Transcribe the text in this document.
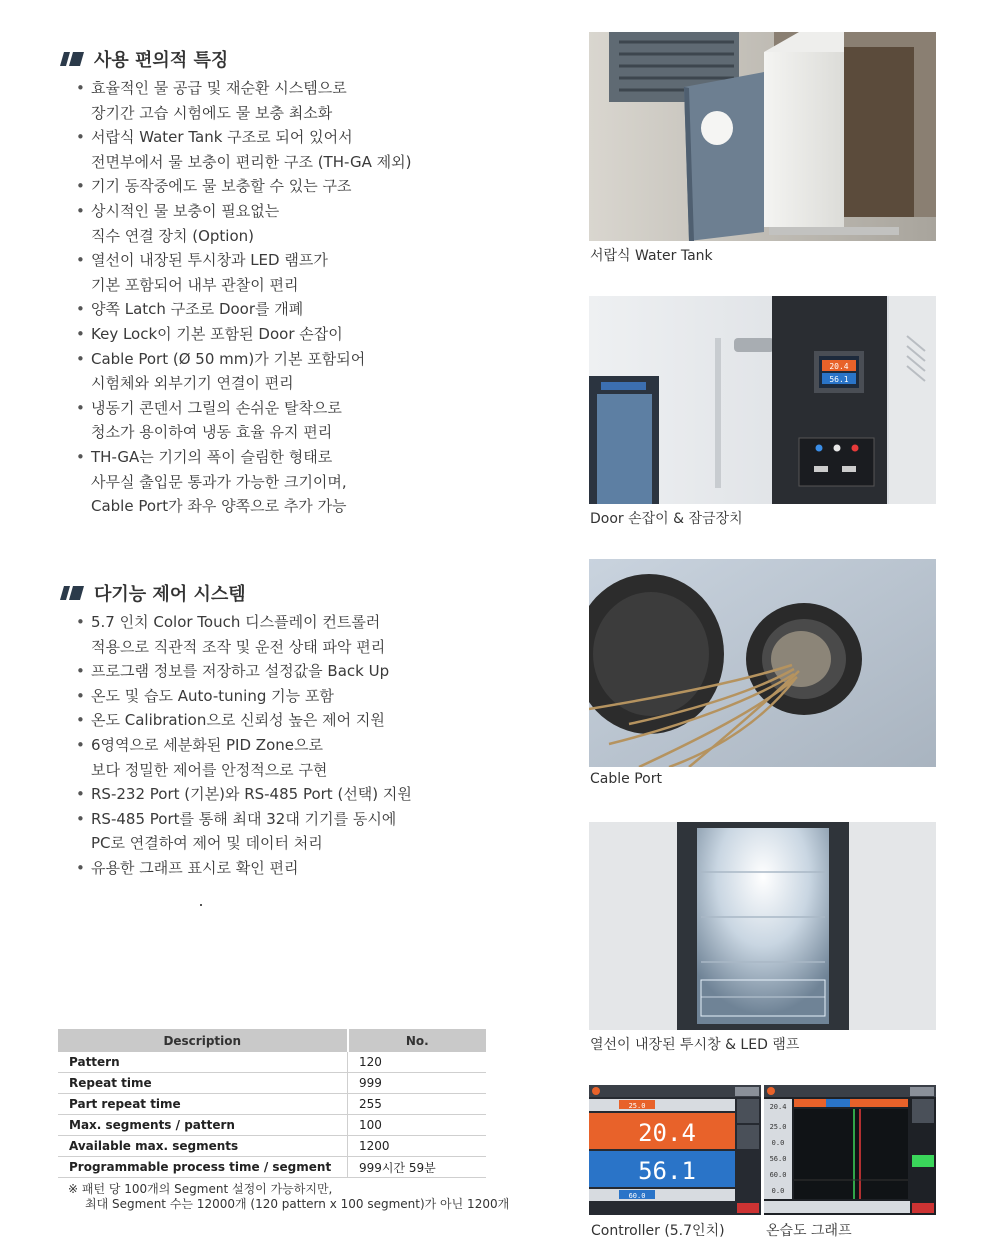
사용 편의적 특징
• 효율적인 물 공급 및 재순환 시스템으로
장기간 고습 시험에도 물 보충 최소화
• 서랍식 Water Tank 구조로 되어 있어서
전면부에서 물 보충이 편리한 구조 (TH-GA 제외)
• 기기 동작중에도 물 보충할 수 있는 구조
• 상시적인 물 보충이 필요없는
직수 연결 장치 (Option)
• 열선이 내장된 투시창과 LED 램프가
기본 포함되어 내부 관찰이 편리
• 양쪽 Latch 구조로 Door를 개폐
• Key Lock이 기본 포함된 Door 손잡이
• Cable Port (Ø 50 mm)가 기본 포함되어
시험체와 외부기기 연결이 편리
• 냉동기 콘덴서 그릴의 손쉬운 탈착으로
청소가 용이하여 냉동 효율 유지 편리
• TH-GA는 기기의 폭이 슬림한 형태로
사무실 출입문 통과가 가능한 크기이며,
Cable Port가 좌우 양쪽으로 추가 가능
다기능 제어 시스템
• 5.7 인치 Color Touch 디스플레이 컨트롤러
적용으로 직관적 조작 및 운전 상태 파악 편리
• 프로그램 정보를 저장하고 설정값을 Back Up
• 온도 및 습도 Auto-tuning 기능 포함
• 온도 Calibration으로 신뢰성 높은 제어 지원
• 6영역으로 세분화된 PID Zone으로
보다 정밀한 제어를 안정적으로 구현
• RS-232 Port (기본)와 RS-485 Port (선택) 지원
• RS-485 Port를 통해 최대 32대 기기를 동시에
PC로 연결하여 제어 및 데이터 처리
• 유용한 그래프 표시로 확인 편리
서랍식 Water Tank
20.4
56.1
Door 손잡이 & 잠금장치
Cable Port
열선이 내장된 투시창 & LED 램프
25.0
20.4
56.1
60.0
Controller (5.7인치)
20.4
25.0
0.0
56.0
60.0
0.0
온습도 그래프
Description	No.
Pattern	120
Repeat time	999
Part repeat time	255
Max. segments / pattern	100
Available max. segments	1200
Programmable process time / segment	999시간 59분
※ 패턴 당 100개의 Segment 설정이 가능하지만,
최대 Segment 수는 12000개 (120 pattern x 100 segment)가 아닌 1200개
